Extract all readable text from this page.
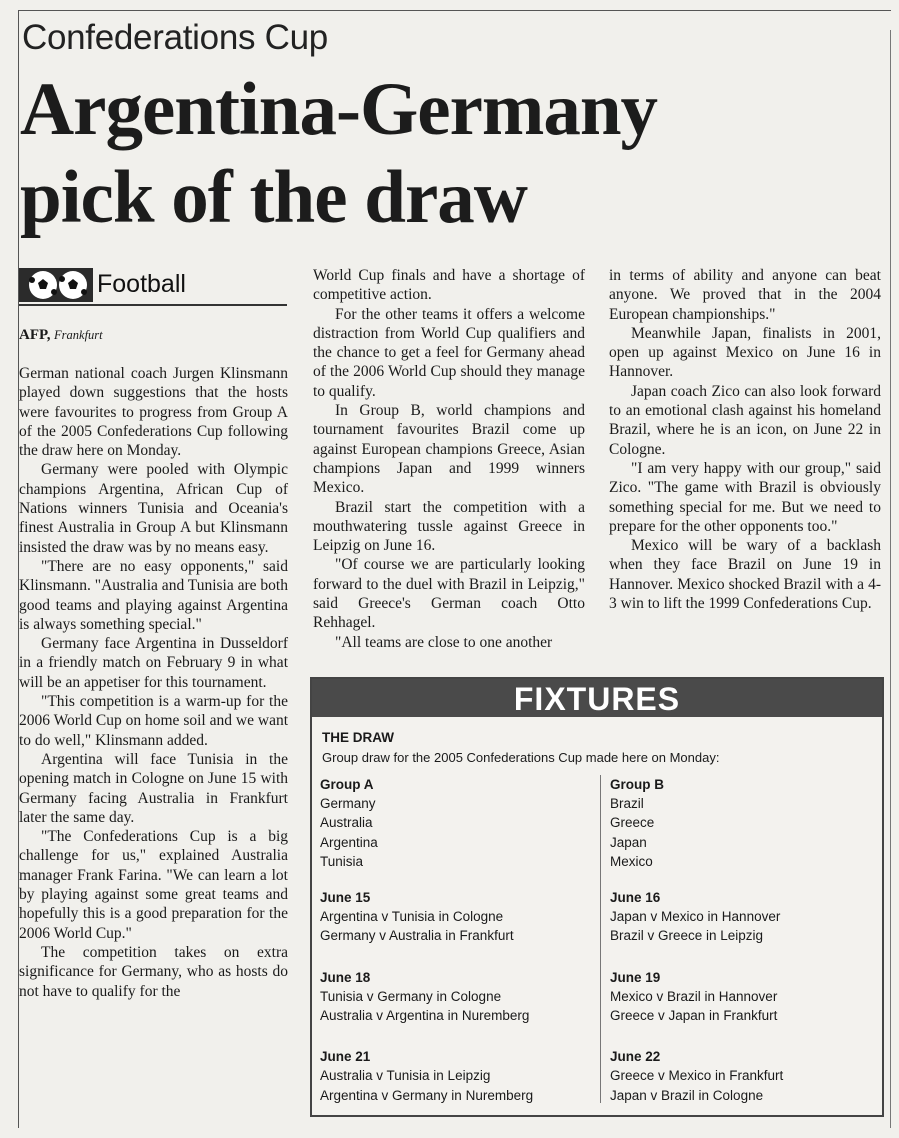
Confederations Cup
Argentina-Germany
pick of the draw
Football
AFP, Frankfurt

German national coach Jurgen Klinsmann played down suggestions that the hosts were favourites to progress from Group A of the 2005 Confederations Cup following the draw here on Monday.

Germany were pooled with Olympic champions Argentina, African Cup of Nations winners Tunisia and Oceania's finest Australia in Group A but Klinsmann insisted the draw was by no means easy.

"There are no easy opponents," said Klinsmann. "Australia and Tunisia are both good teams and playing against Argentina is always something special."

Germany face Argentina in Dusseldorf in a friendly match on February 9 in what will be an appetiser for this tournament.

"This competition is a warm-up for the 2006 World Cup on home soil and we want to do well," Klinsmann added.

Argentina will face Tunisia in the opening match in Cologne on June 15 with Germany facing Australia in Frankfurt later the same day.

"The Confederations Cup is a big challenge for us," explained Australia manager Frank Farina. "We can learn a lot by playing against some great teams and hopefully this is a good preparation for the 2006 World Cup."

The competition takes on extra significance for Germany, who as hosts do not have to qualify for the

World Cup finals and have a shortage of competitive action.

For the other teams it offers a welcome distraction from World Cup qualifiers and the chance to get a feel for Germany ahead of the 2006 World Cup should they manage to qualify.

In Group B, world champions and tournament favourites Brazil come up against European champions Greece, Asian champions Japan and 1999 winners Mexico.

Brazil start the competition with a mouthwatering tussle against Greece in Leipzig on June 16.

"Of course we are particularly looking forward to the duel with Brazil in Leipzig," said Greece's German coach Otto Rehhagel.

"All teams are close to one another

in terms of ability and anyone can beat anyone. We proved that in the 2004 European championships."

Meanwhile Japan, finalists in 2001, open up against Mexico on June 16 in Hannover.

Japan coach Zico can also look forward to an emotional clash against his homeland Brazil, where he is an icon, on June 22 in Cologne.

"I am very happy with our group," said Zico. "The game with Brazil is obviously something special for me. But we need to prepare for the other opponents too."

Mexico will be wary of a backlash when they face Brazil on June 19 in Hannover. Mexico shocked Brazil with a 4-3 win to lift the 1999 Confederations Cup.

FIXTURES
THE DRAW
Group draw for the 2005 Confederations Cup made here on Monday:
Group A
Germany
Australia
Argentina
Tunisia
June 15
Argentina v Tunisia in Cologne
Germany v Australia in Frankfurt
June 18
Tunisia v Germany in Cologne
Australia v Argentina in Nuremberg
June 21
Australia v Tunisia in Leipzig
Argentina v Germany in Nuremberg
Group B
Brazil
Greece
Japan
Mexico
June 16
Japan v Mexico in Hannover
Brazil v Greece in Leipzig
June 19
Mexico v Brazil in Hannover
Greece v Japan in Frankfurt
June 22
Greece v Mexico in Frankfurt
Japan v Brazil in Cologne
